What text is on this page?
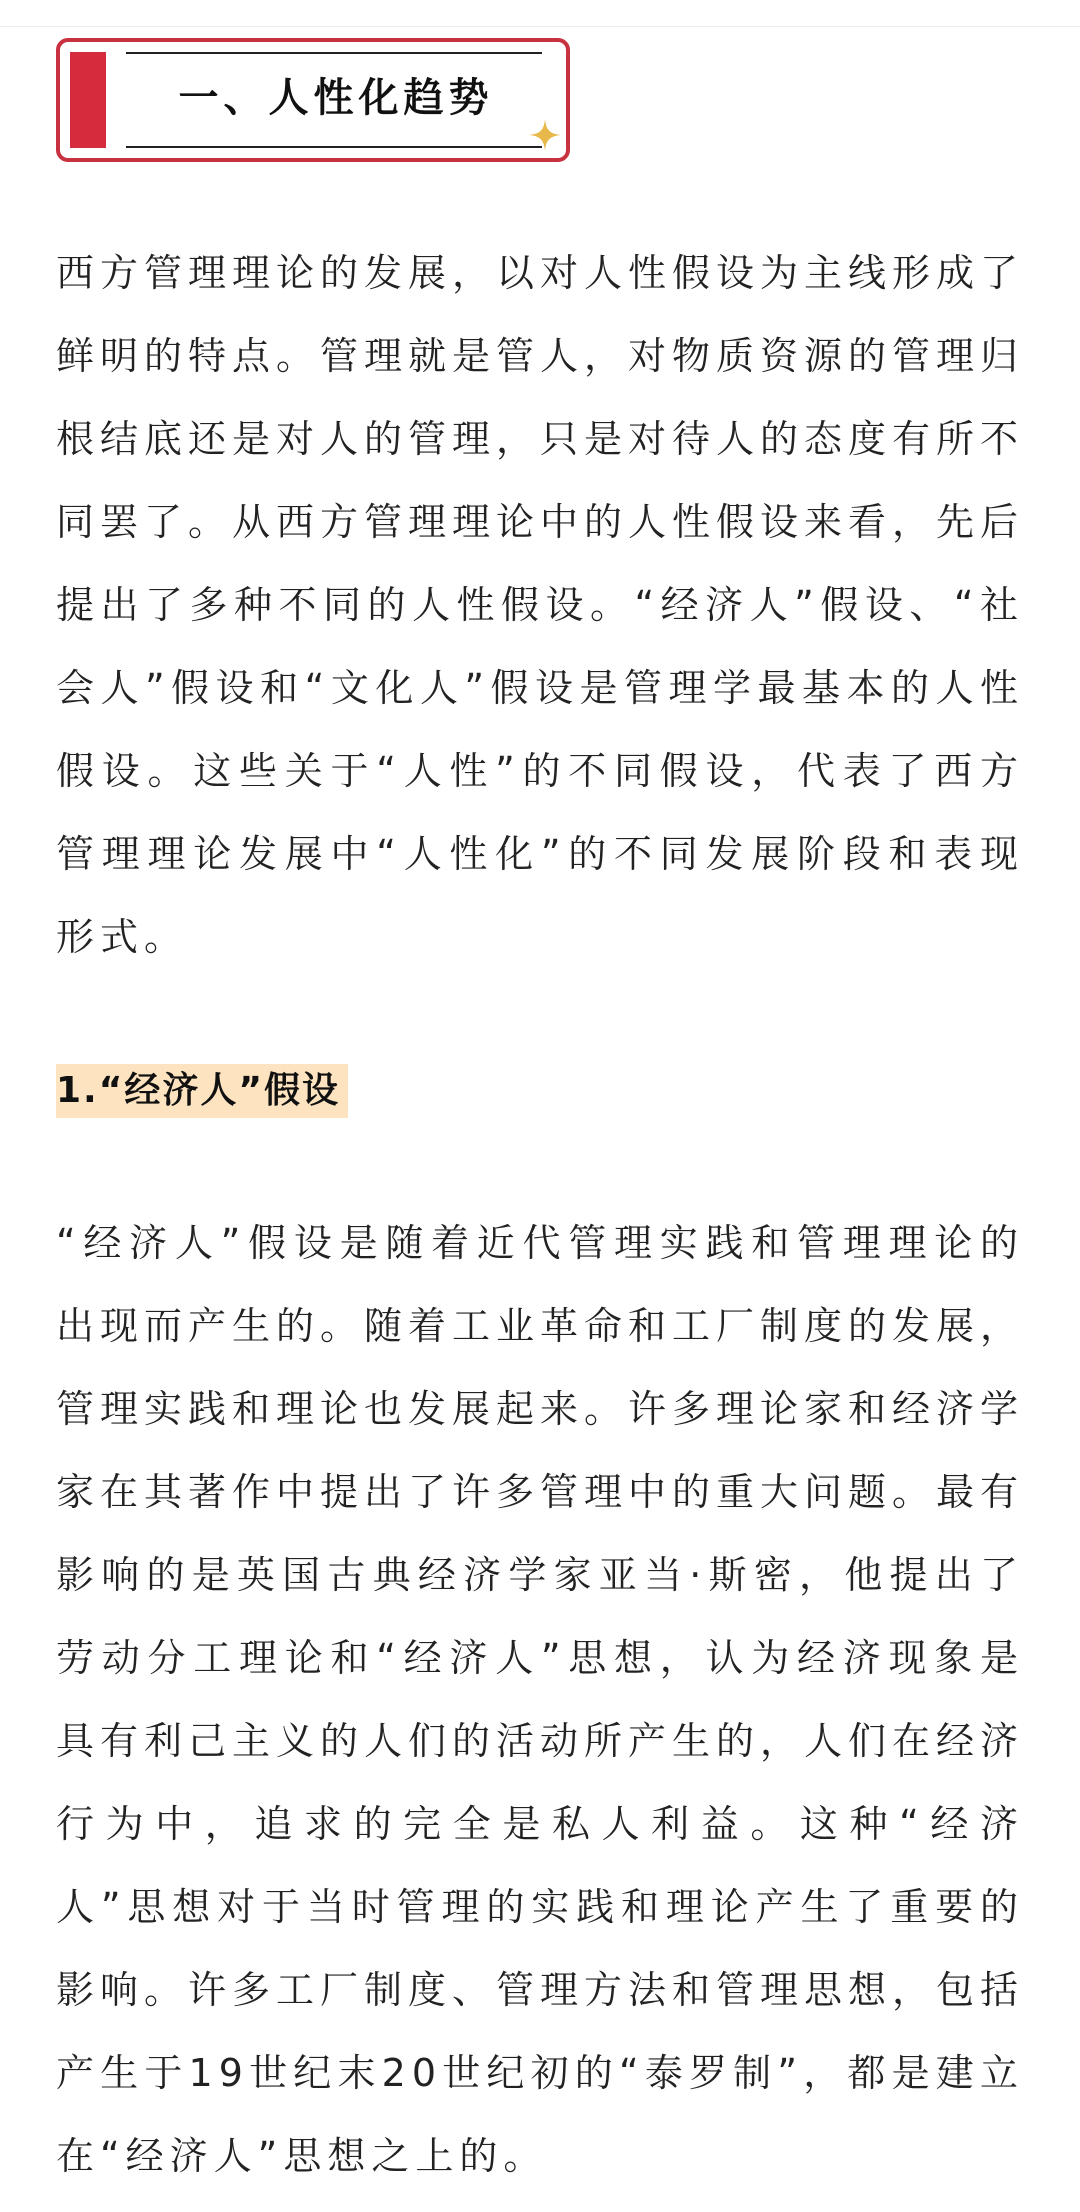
一、人性化趋势

西方管理理论的发展，以对人性假设为主线形成了鲜明的特点。管理就是管人，对物质资源的管理归根结底还是对人的管理，只是对待人的态度有所不同罢了。从西方管理理论中的人性假设来看，先后提出了多种不同的人性假设。“经济人”假设、“社会人”假设和“文化人”假设是管理学最基本的人性假设。这些关于“人性”的不同假设，代表了西方管理理论发展中“人性化”的不同发展阶段和表现形式。

1.“经济人”假设

“经济人”假设是随着近代管理实践和管理理论的出现而产生的。随着工业革命和工厂制度的发展，管理实践和理论也发展起来。许多理论家和经济学家在其著作中提出了许多管理中的重大问题。最有影响的是英国古典经济学家亚当·斯密，他提出了劳动分工理论和“经济人”思想，认为经济现象是具有利己主义的人们的活动所产生的，人们在经济行为中，追求的完全是私人利益。这种“经济人”思想对于当时管理的实践和理论产生了重要的影响。许多工厂制度、管理方法和管理思想，包括产生于19世纪末20世纪初的“泰罗制”，都是建立在“经济人”思想之上的。
